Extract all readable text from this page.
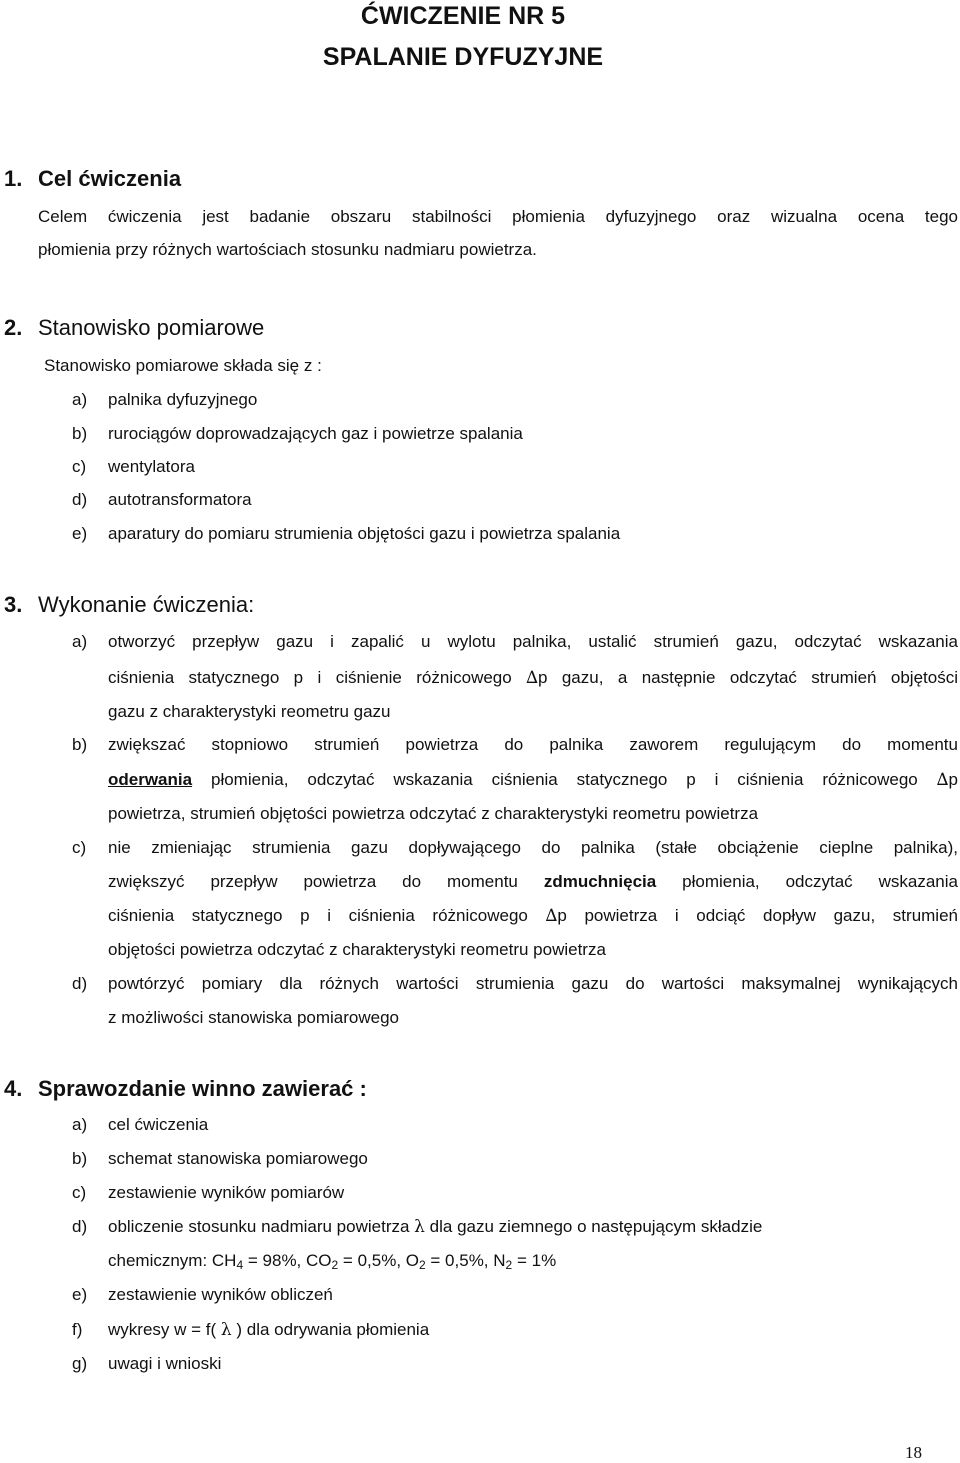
ĆWICZENIE NR 5
SPALANIE DYFUZYJNE
1. Cel ćwiczenia
Celem ćwiczenia jest badanie obszaru stabilności płomienia dyfuzyjnego oraz wizualna ocena tego
płomienia przy różnych wartościach stosunku nadmiaru powietrza.
2. Stanowisko pomiarowe
Stanowisko pomiarowe składa się z :
a) palnika dyfuzyjnego
b) rurociągów doprowadzających gaz i powietrze spalania
c) wentylatora
d) autotransformatora
e) aparatury do pomiaru strumienia objętości gazu i powietrza spalania
3. Wykonanie ćwiczenia:
a) otworzyć przepływ gazu i zapalić u wylotu palnika, ustalić strumień gazu, odczytać wskazania
ciśnienia statycznego p i ciśnienie różnicowego ∆p gazu, a następnie odczytać strumień objętości
gazu z charakterystyki reometru gazu
b) zwiększać stopniowo strumień powietrza do palnika zaworem regulującym do momentu
oderwania płomienia, odczytać wskazania ciśnienia statycznego p i ciśnienia różnicowego ∆p
powietrza, strumień objętości powietrza odczytać z charakterystyki reometru powietrza
c) nie zmieniając strumienia gazu dopływającego do palnika (stałe obciążenie cieplne palnika),
zwiększyć przepływ powietrza do momentu zdmuchnięcia płomienia, odczytać wskazania
ciśnienia statycznego p i ciśnienia różnicowego ∆p powietrza i odciąć dopływ gazu, strumień
objętości powietrza odczytać z charakterystyki reometru powietrza
d) powtórzyć pomiary dla różnych wartości strumienia gazu do wartości maksymalnej wynikających
z możliwości stanowiska pomiarowego
4. Sprawozdanie winno zawierać :
a) cel ćwiczenia
b) schemat stanowiska pomiarowego
c) zestawienie wyników pomiarów
d) obliczenie stosunku nadmiaru powietrza λ dla gazu ziemnego o następującym składzie
chemicznym: $CH_4 = 98\%$, $CO_2 = 0,5\%$, $O_2 = 0,5\%$, $N_2 = 1\%$
e) zestawienie wyników obliczeń
f) wykresy w = f( λ ) dla odrywania płomienia
g) uwagi i wnioski
18
